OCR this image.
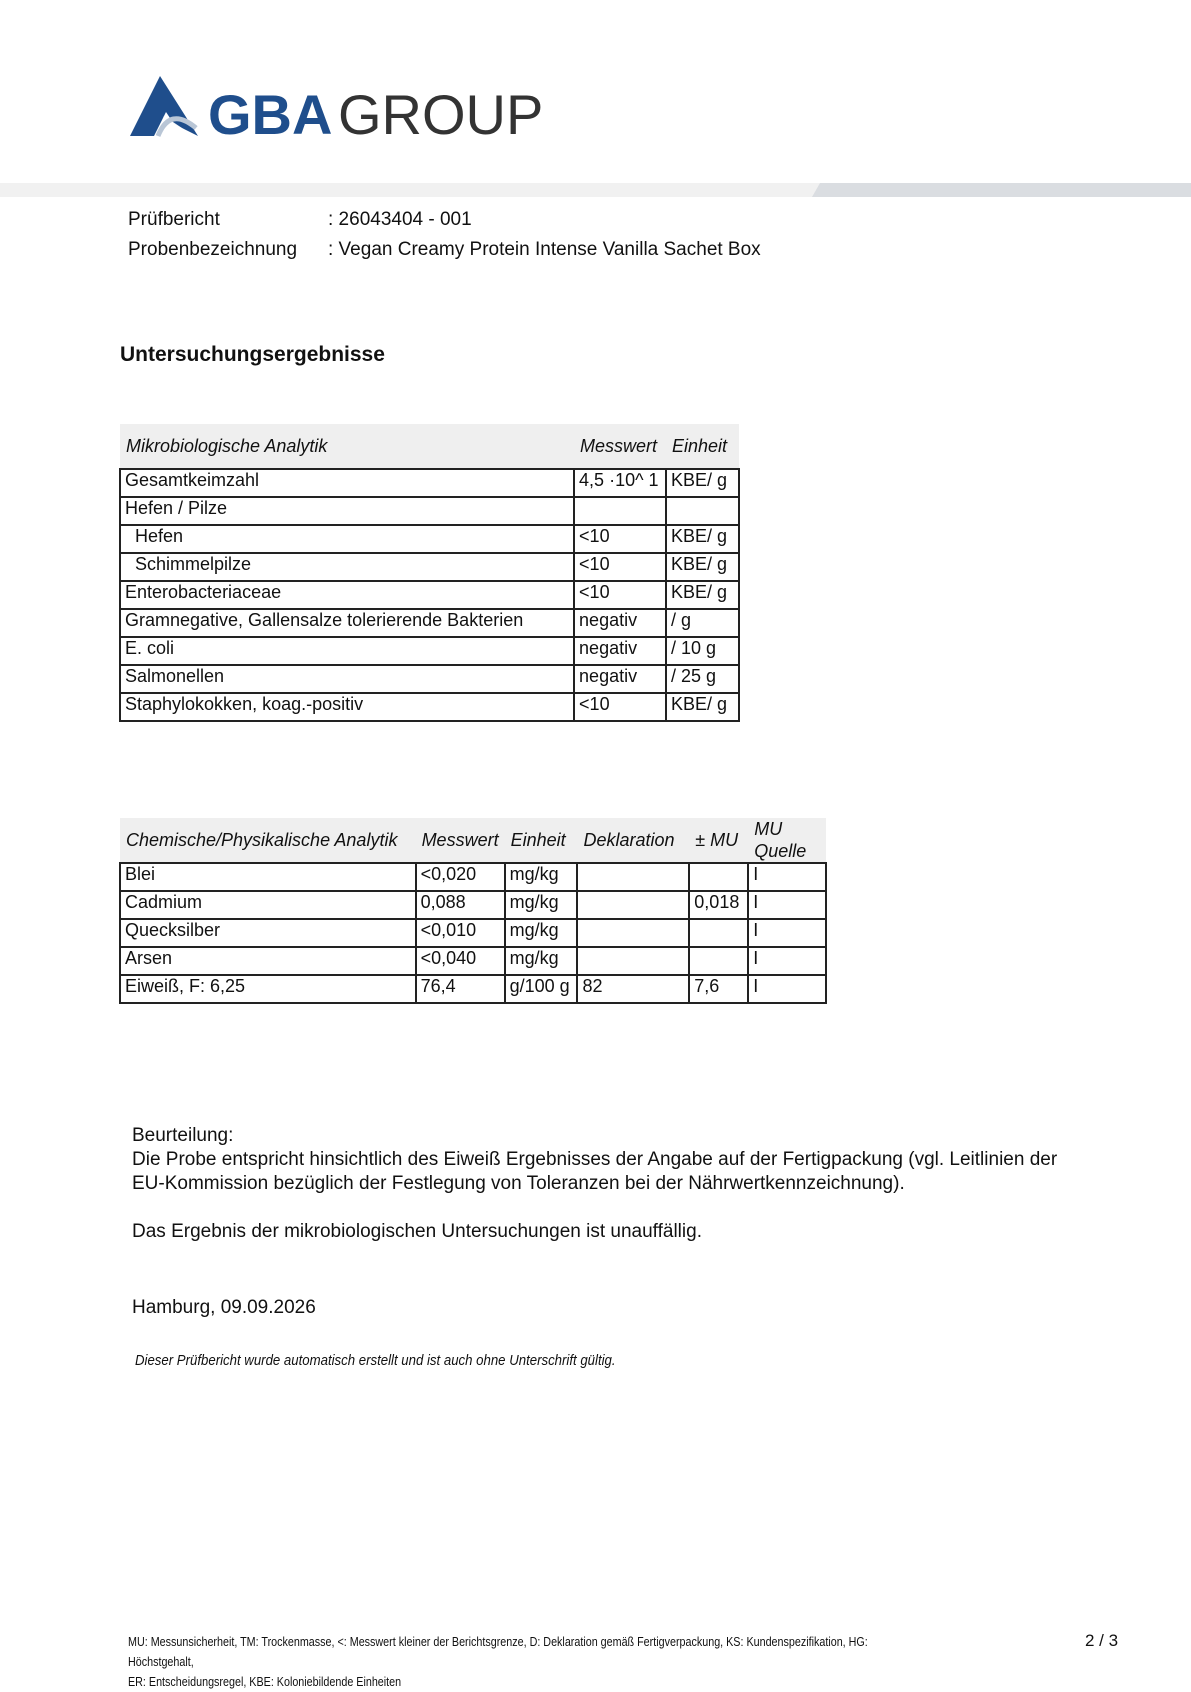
GBA GROUP
Prüfbericht	: 26043404 - 001
Probenbezeichnung : Vegan Creamy Protein Intense Vanilla Sachet Box
Untersuchungsergebnisse
Mikrobiologische Analytik	Messwert	Einheit
Gesamtkeimzahl	4,5 ·10^ 1	KBE/ g
Hefen / Pilze		
Hefen	<10	KBE/ g
Schimmelpilze	<10	KBE/ g
Enterobacteriaceae	<10	KBE/ g
Gramnegative, Gallensalze tolerierende Bakterien	negativ	/ g
E. coli	negativ	/ 10 g
Salmonellen	negativ	/ 25 g
Staphylokokken, koag.-positiv	<10	KBE/ g
Chemische/Physikalische Analytik	Messwert	Einheit	Deklaration	± MU	MU Quelle
Blei	<0,020	mg/kg			I
Cadmium	0,088	mg/kg		0,018	I
Quecksilber	<0,010	mg/kg			I
Arsen	<0,040	mg/kg			I
Eiweiß, F: 6,25	76,4	g/100 g	82	7,6	I
Beurteilung:
Die Probe entspricht hinsichtlich des Eiweiß Ergebnisses der Angabe auf der Fertigpackung (vgl. Leitlinien der EU-Kommission bezüglich der Festlegung von Toleranzen bei der Nährwertkennzeichnung).
Das Ergebnis der mikrobiologischen Untersuchungen ist unauffällig.
Hamburg, 09.09.2026
Dieser Prüfbericht wurde automatisch erstellt und ist auch ohne Unterschrift gültig.
MU: Messunsicherheit, TM: Trockenmasse, <: Messwert kleiner der Berichtsgrenze, D: Deklaration gemäß Fertigverpackung, KS: Kundenspezifikation, HG: Höchstgehalt,
ER: Entscheidungsregel, KBE: Koloniebildende Einheiten
2 / 3
